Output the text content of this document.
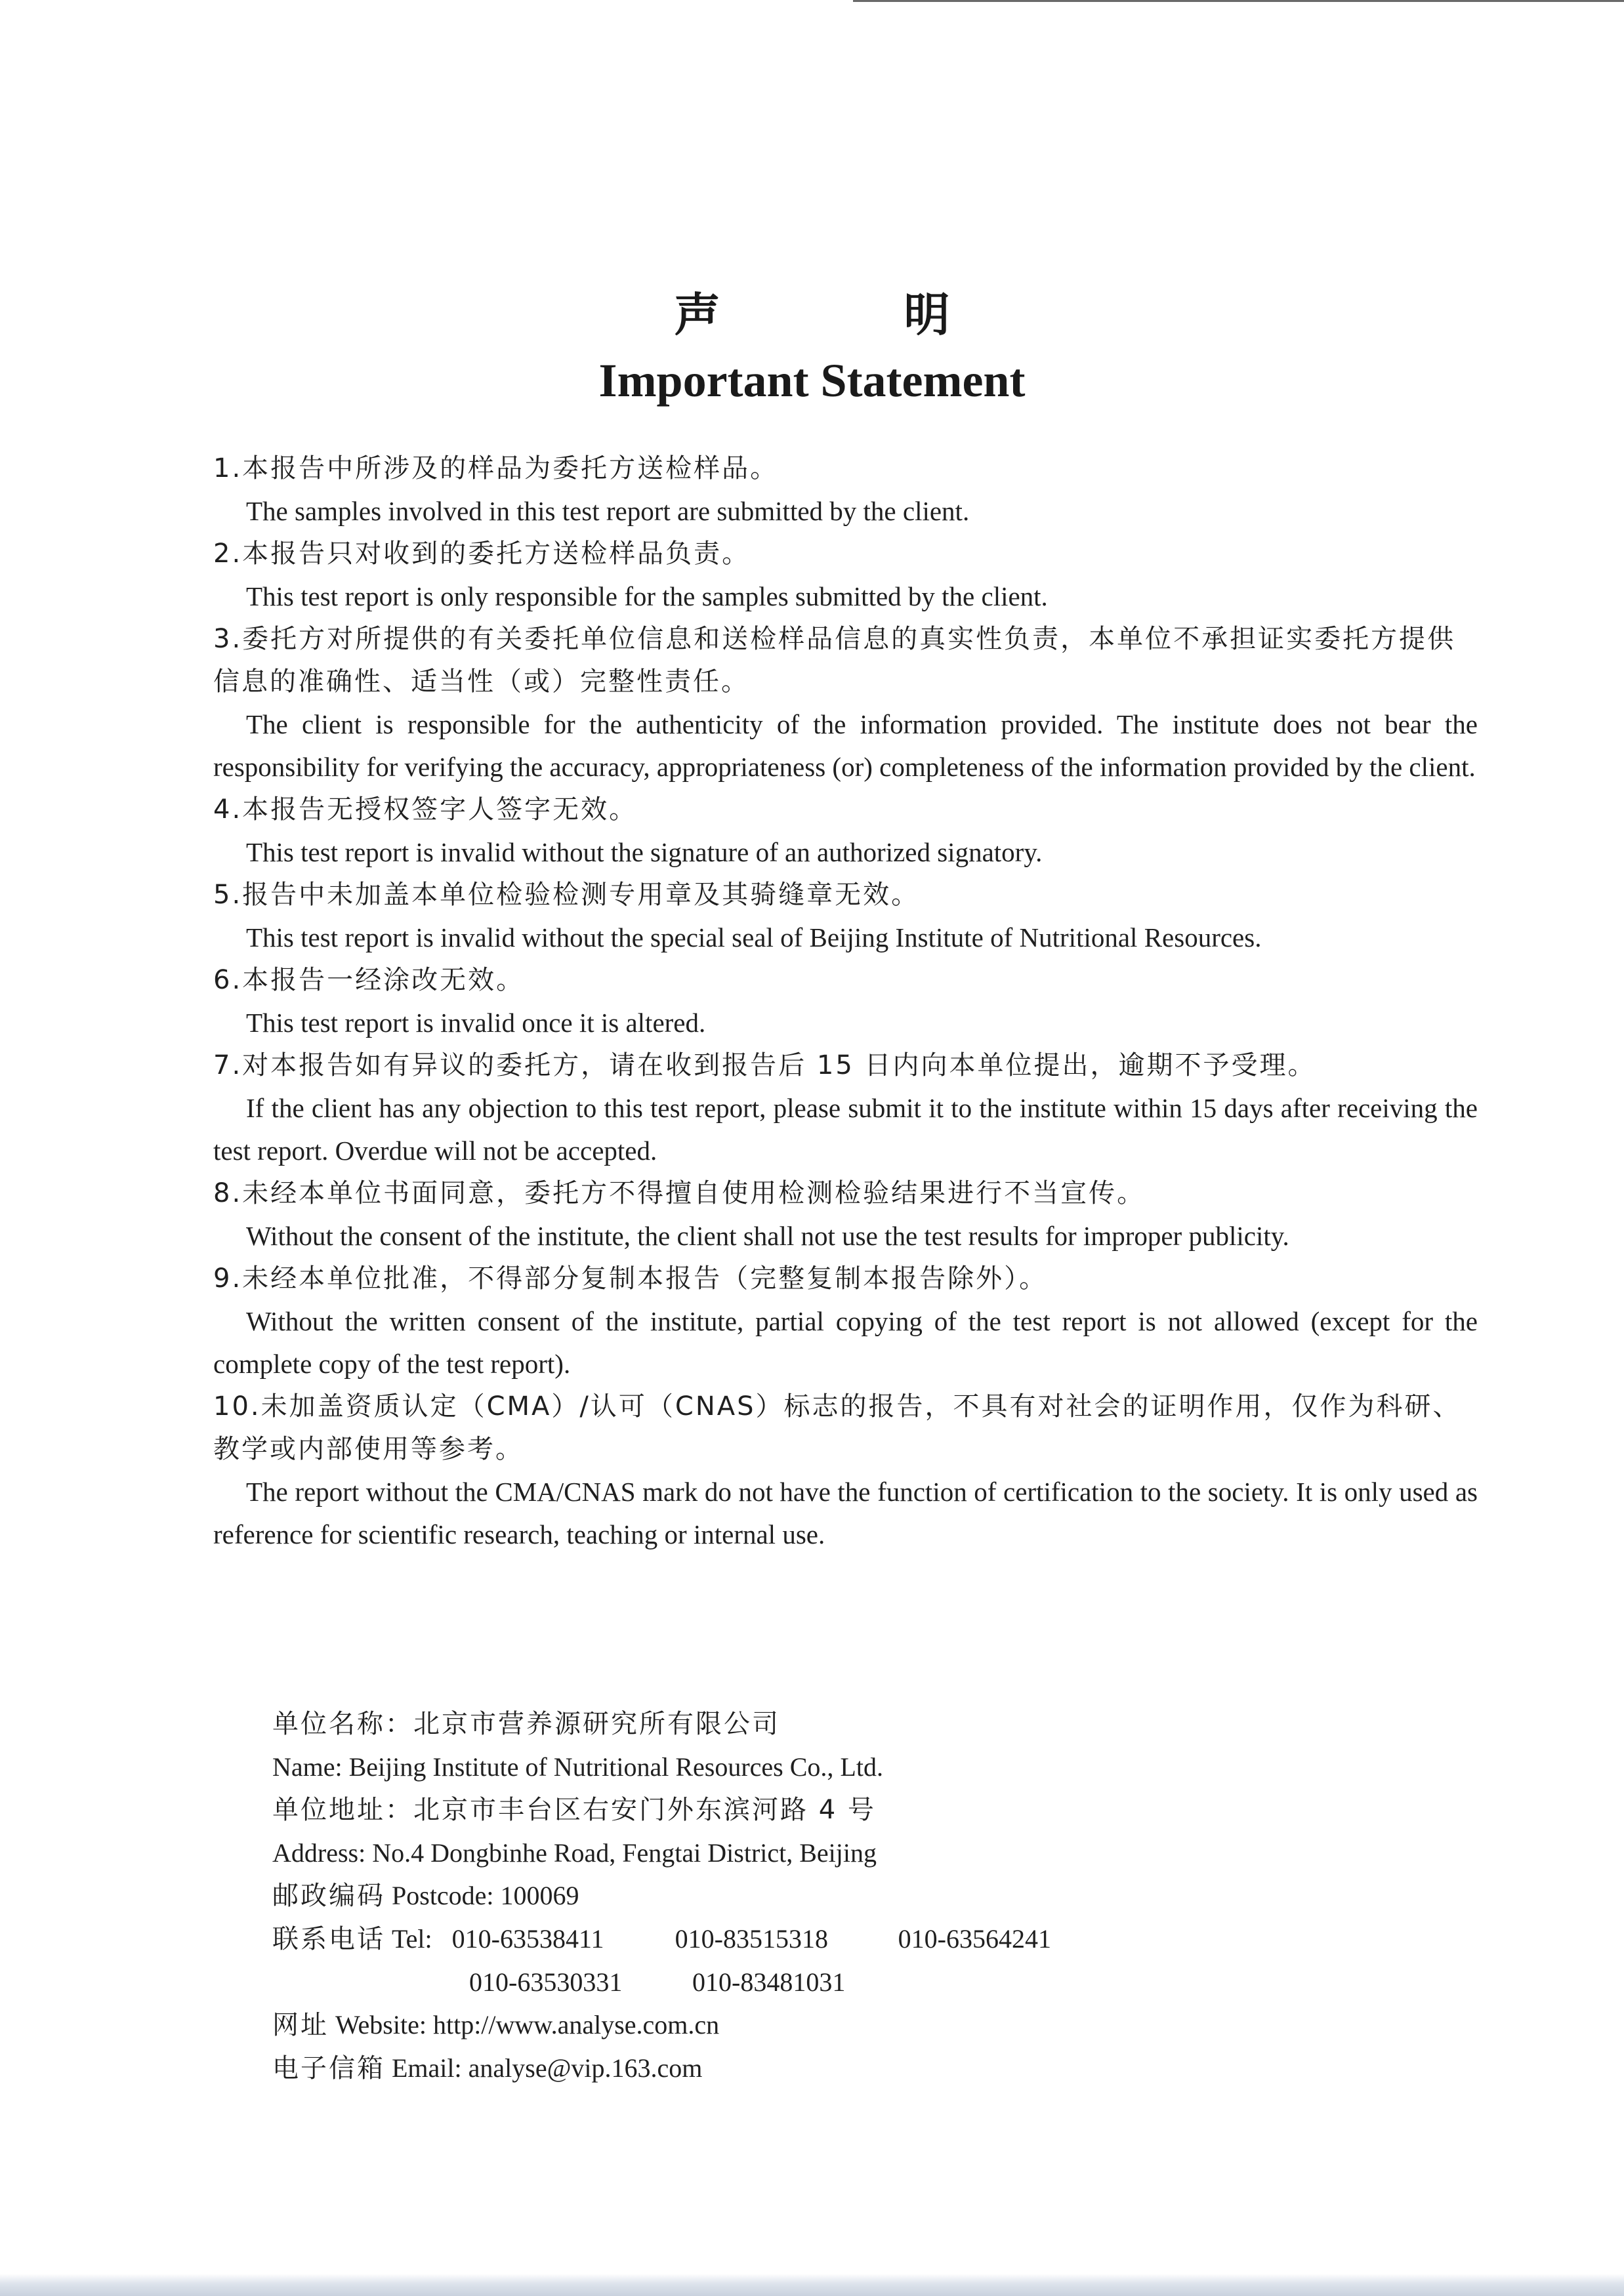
声明
Important Statement
1.本报告中所涉及的样品为委托方送检样品。
The samples involved in this test report are submitted by the client.
2.本报告只对收到的委托方送检样品负责。
This test report is only responsible for the samples submitted by the client.
3.委托方对所提供的有关委托单位信息和送检样品信息的真实性负责，本单位不承担证实委托方提供信息的准确性、适当性（或）完整性责任。
The client is responsible for the authenticity of the information provided. The institute does not bear the responsibility for verifying the accuracy, appropriateness (or) completeness of the information provided by the client.
4.本报告无授权签字人签字无效。
This test report is invalid without the signature of an authorized signatory.
5.报告中未加盖本单位检验检测专用章及其骑缝章无效。
This test report is invalid without the special seal of Beijing Institute of Nutritional Resources.
6.本报告一经涂改无效。
This test report is invalid once it is altered.
7.对本报告如有异议的委托方，请在收到报告后 15 日内向本单位提出，逾期不予受理。
If the client has any objection to this test report, please submit it to the institute within 15 days after receiving the test report. Overdue will not be accepted.
8.未经本单位书面同意，委托方不得擅自使用检测检验结果进行不当宣传。
Without the consent of the institute, the client shall not use the test results for improper publicity.
9.未经本单位批准，不得部分复制本报告（完整复制本报告除外）。
Without the written consent of the institute, partial copying of the test report is not allowed (except for the complete copy of the test report).
10.未加盖资质认定（CMA）/认可（CNAS）标志的报告，不具有对社会的证明作用，仅作为科研、教学或内部使用等参考。
The report without the CMA/CNAS mark do not have the function of certification to the society. It is only used as reference for scientific research, teaching or internal use.
单位名称：北京市营养源研究所有限公司
Name: Beijing Institute of Nutritional Resources Co., Ltd.
单位地址：北京市丰台区右安门外东滨河路 4 号
Address: No.4 Dongbinhe Road, Fengtai District, Beijing
邮政编码 Postcode: 100069
联系电话 Tel: 010-63538411	010-83515318	010-63564241
010-63530331	010-83481031
网址 Website: http://www.analyse.com.cn
电子信箱 Email: analyse@vip.163.com
